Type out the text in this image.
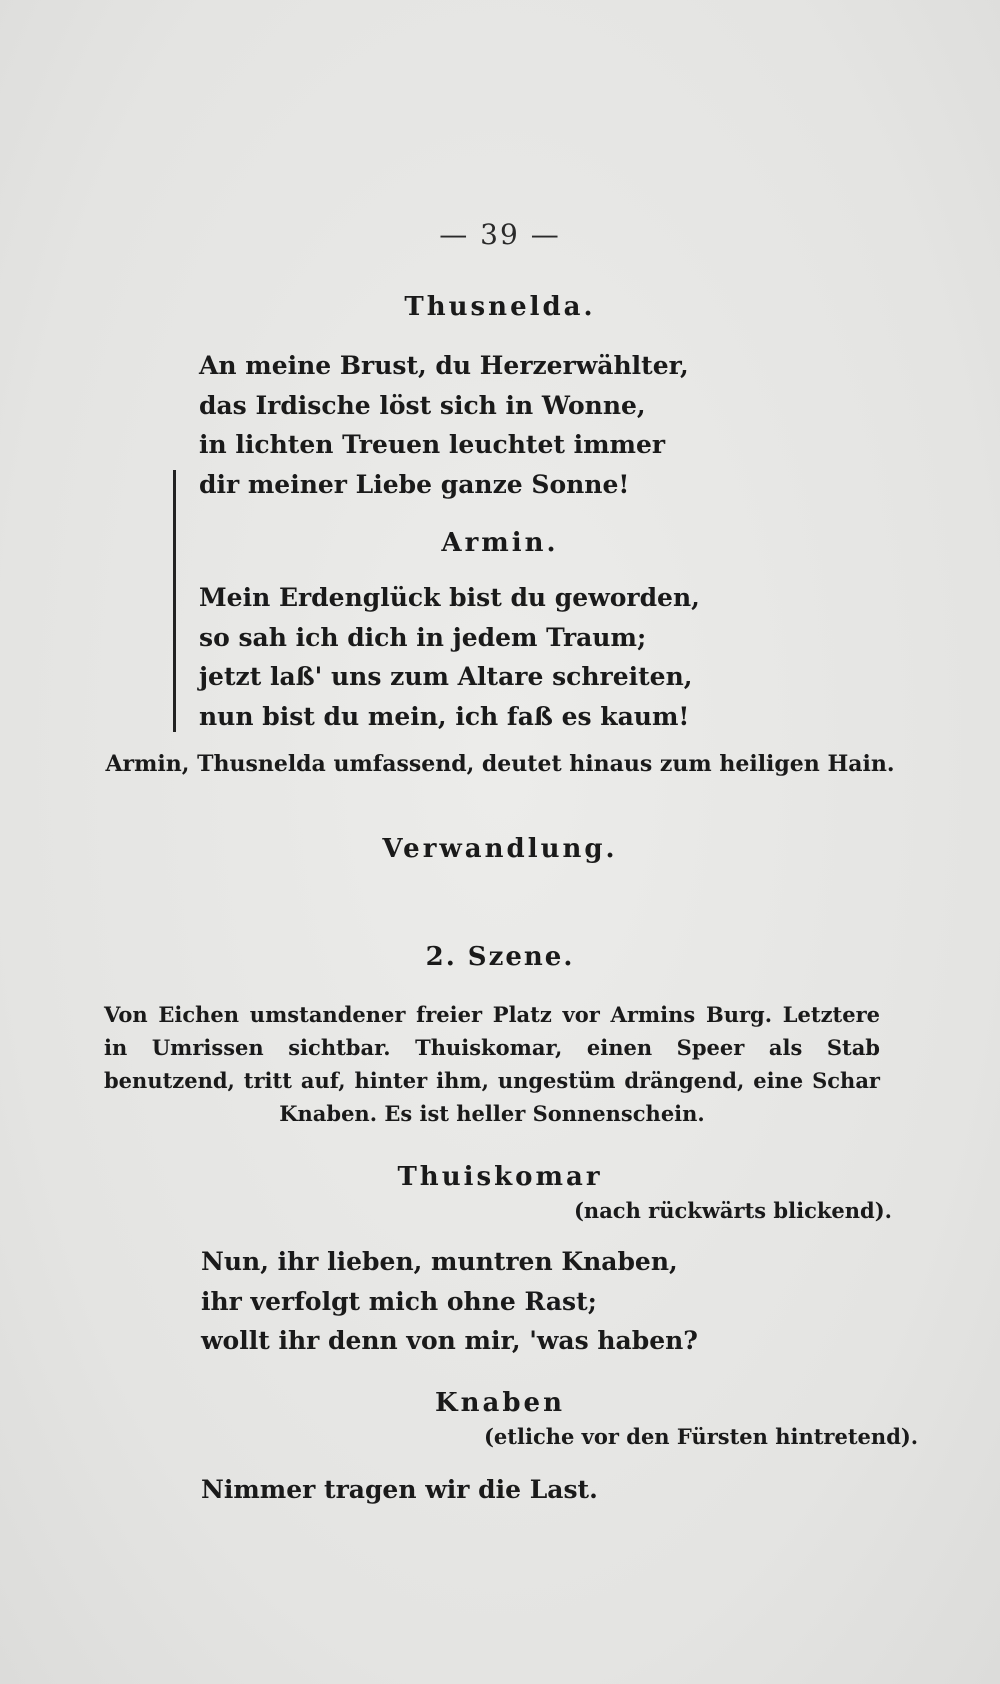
— 39 —
Thusnelda.
An meine Brust, du Herzerwählter,
das Irdische löst sich in Wonne,
in lichten Treuen leuchtet immer
dir meiner Liebe ganze Sonne!
Armin.
Mein Erdenglück bist du geworden,
so sah ich dich in jedem Traum;
jetzt laß' uns zum Altare schreiten,
nun bist du mein, ich faß es kaum!
Armin, Thusnelda umfassend, deutet hinaus zum heiligen Hain.
Verwandlung.
2. Szene.
Von Eichen umstandener freier Platz vor Armins Burg. Letztere in Umrissen sichtbar. Thuiskomar, einen Speer als Stab benutzend, tritt auf, hinter ihm, ungestüm drängend, eine Schar Knaben. Es ist heller Sonnenschein.
Thuiskomar
(nach rückwärts blickend).
Nun, ihr lieben, muntren Knaben,
ihr verfolgt mich ohne Rast;
wollt ihr denn von mir, 'was haben?
Knaben
(etliche vor den Fürsten hintretend).
Nimmer tragen wir die Last.
